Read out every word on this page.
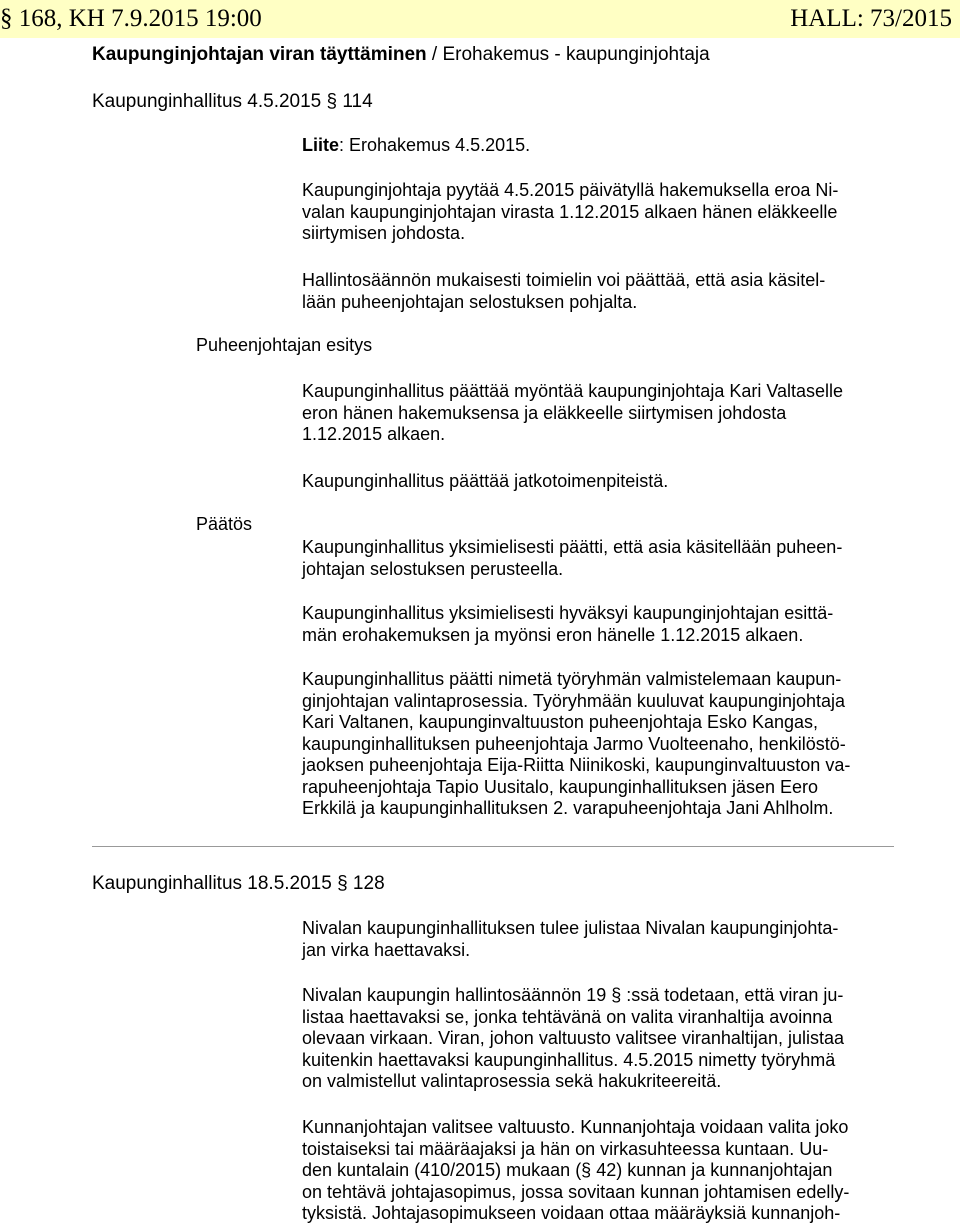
§ 168, KH 7.9.2015 19:00	HALL: 73/2015
Kaupunginjohtajan viran täyttäminen / Erohakemus - kaupunginjohtaja
Kaupunginhallitus 4.5.2015 § 114
Liite: Erohakemus 4.5.2015.
Kaupunginjohtaja pyytää 4.5.2015 päivätyllä hakemuksella eroa Ni-
valan kaupunginjohtajan virasta 1.12.2015 alkaen hänen eläkkeelle
siirtymisen johdosta.
Hallintosäännön mukaisesti toimielin voi päättää, että asia käsitel-
lään puheenjohtajan selostuksen pohjalta.
Puheenjohtajan esitys
Kaupunginhallitus päättää myöntää kaupunginjohtaja Kari Valtaselle
eron hänen hakemuksensa ja eläkkeelle siirtymisen johdosta
1.12.2015 alkaen.
Kaupunginhallitus päättää jatkotoimenpiteistä.
Päätös
Kaupunginhallitus yksimielisesti päätti, että asia käsitellään puheen-
johtajan selostuksen perusteella.
Kaupunginhallitus yksimielisesti hyväksyi kaupunginjohtajan esittä-
män erohakemuksen ja myönsi eron hänelle 1.12.2015 alkaen.
Kaupunginhallitus päätti nimetä työryhmän valmistelemaan kaupun-
ginjohtajan valintaprosessia. Työryhmään kuuluvat kaupunginjohtaja
Kari Valtanen, kaupunginvaltuuston puheenjohtaja Esko Kangas,
kaupunginhallituksen puheenjohtaja Jarmo Vuolteenaho, henkilöstö-
jaoksen puheenjohtaja Eija-Riitta Niinikoski, kaupunginvaltuuston va-
rapuheenjohtaja Tapio Uusitalo, kaupunginhallituksen jäsen Eero
Erkkilä ja kaupunginhallituksen 2. varapuheenjohtaja Jani Ahlholm.
Kaupunginhallitus 18.5.2015 § 128
Nivalan kaupunginhallituksen tulee julistaa Nivalan kaupunginjohta-
jan virka haettavaksi.
Nivalan kaupungin hallintosäännön 19 § :ssä todetaan, että viran ju-
listaa haettavaksi se, jonka tehtävänä on valita viranhaltija avoinna
olevaan virkaan. Viran, johon valtuusto valitsee viranhaltijan, julistaa
kuitenkin haettavaksi kaupunginhallitus. 4.5.2015 nimetty työryhmä
on valmistellut valintaprosessia sekä hakukriteereitä.
Kunnanjohtajan valitsee valtuusto. Kunnanjohtaja voidaan valita joko
toistaiseksi tai määräajaksi ja hän on virkasuhteessa kuntaan. Uu-
den kuntalain (410/2015) mukaan (§ 42) kunnan ja kunnanjohtajan
on tehtävä johtajasopimus, jossa sovitaan kunnan johtamisen edelly-
tyksistä. Johtajasopimukseen voidaan ottaa määräyksiä kunnanjoh-
